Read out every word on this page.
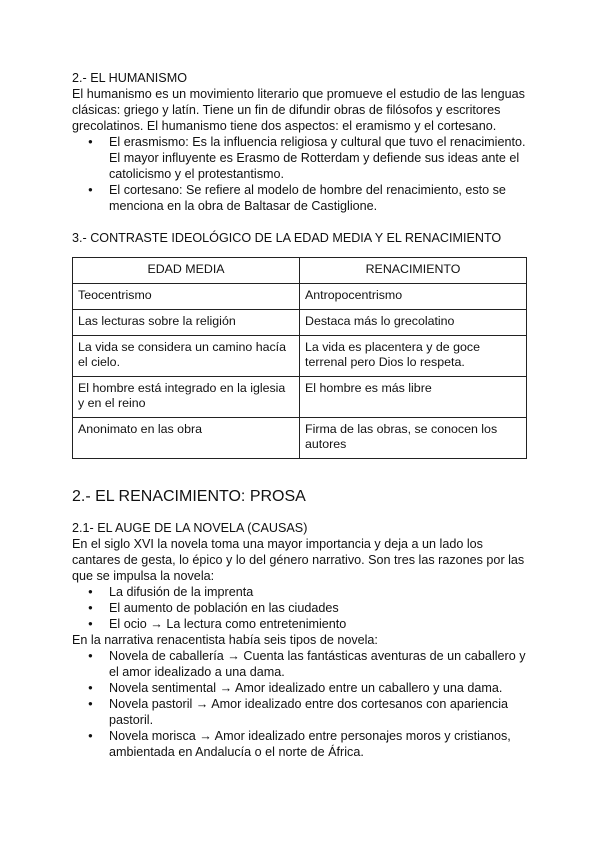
2.- EL HUMANISMO

El humanismo es un movimiento literario que promueve el estudio de las lenguas clásicas: griego y latín. Tiene un fin de difundir obras de filósofos y escritores grecolatinos. El humanismo tiene dos aspectos: el eramismo y el cortesano.

● El erasmismo: Es la influencia religiosa y cultural que tuvo el renacimiento. El mayor influyente es Erasmo de Rotterdam y defiende sus ideas ante el catolicismo y el protestantismo.
● El cortesano: Se refiere al modelo de hombre del renacimiento, esto se menciona en la obra de Baltasar de Castiglione.

3.- CONTRASTE IDEOLÓGICO DE LA EDAD MEDIA Y EL RENACIMIENTO

EDAD MEDIA	RENACIMIENTO
Teocentrismo	Antropocentrismo
Las lecturas sobre la religión	Destaca más lo grecolatino
La vida se considera un camino hacía el cielo.	La vida es placentera y de goce terrenal pero Dios lo respeta.
El hombre está integrado en la iglesia y en el reino	El hombre es más libre
Anonimato en las obra	Firma de las obras, se conocen los autores

2.- EL RENACIMIENTO: PROSA

2.1- EL AUGE DE LA NOVELA (CAUSAS)

En el siglo XVI la novela toma una mayor importancia y deja a un lado los cantares de gesta, lo épico y lo del género narrativo. Son tres las razones por las que se impulsa la novela:

● La difusión de la imprenta
● El aumento de población en las ciudades
● El ocio → La lectura como entretenimiento

En la narrativa renacentista había seis tipos de novela:

● Novela de caballería → Cuenta las fantásticas aventuras de un caballero y el amor idealizado a una dama.
● Novela sentimental → Amor idealizado entre un caballero y una dama.
● Novela pastoril → Amor idealizado entre dos cortesanos con apariencia pastoril.
● Novela morisca → Amor idealizado entre personajes moros y cristianos, ambientada en Andalucía o el norte de África.
